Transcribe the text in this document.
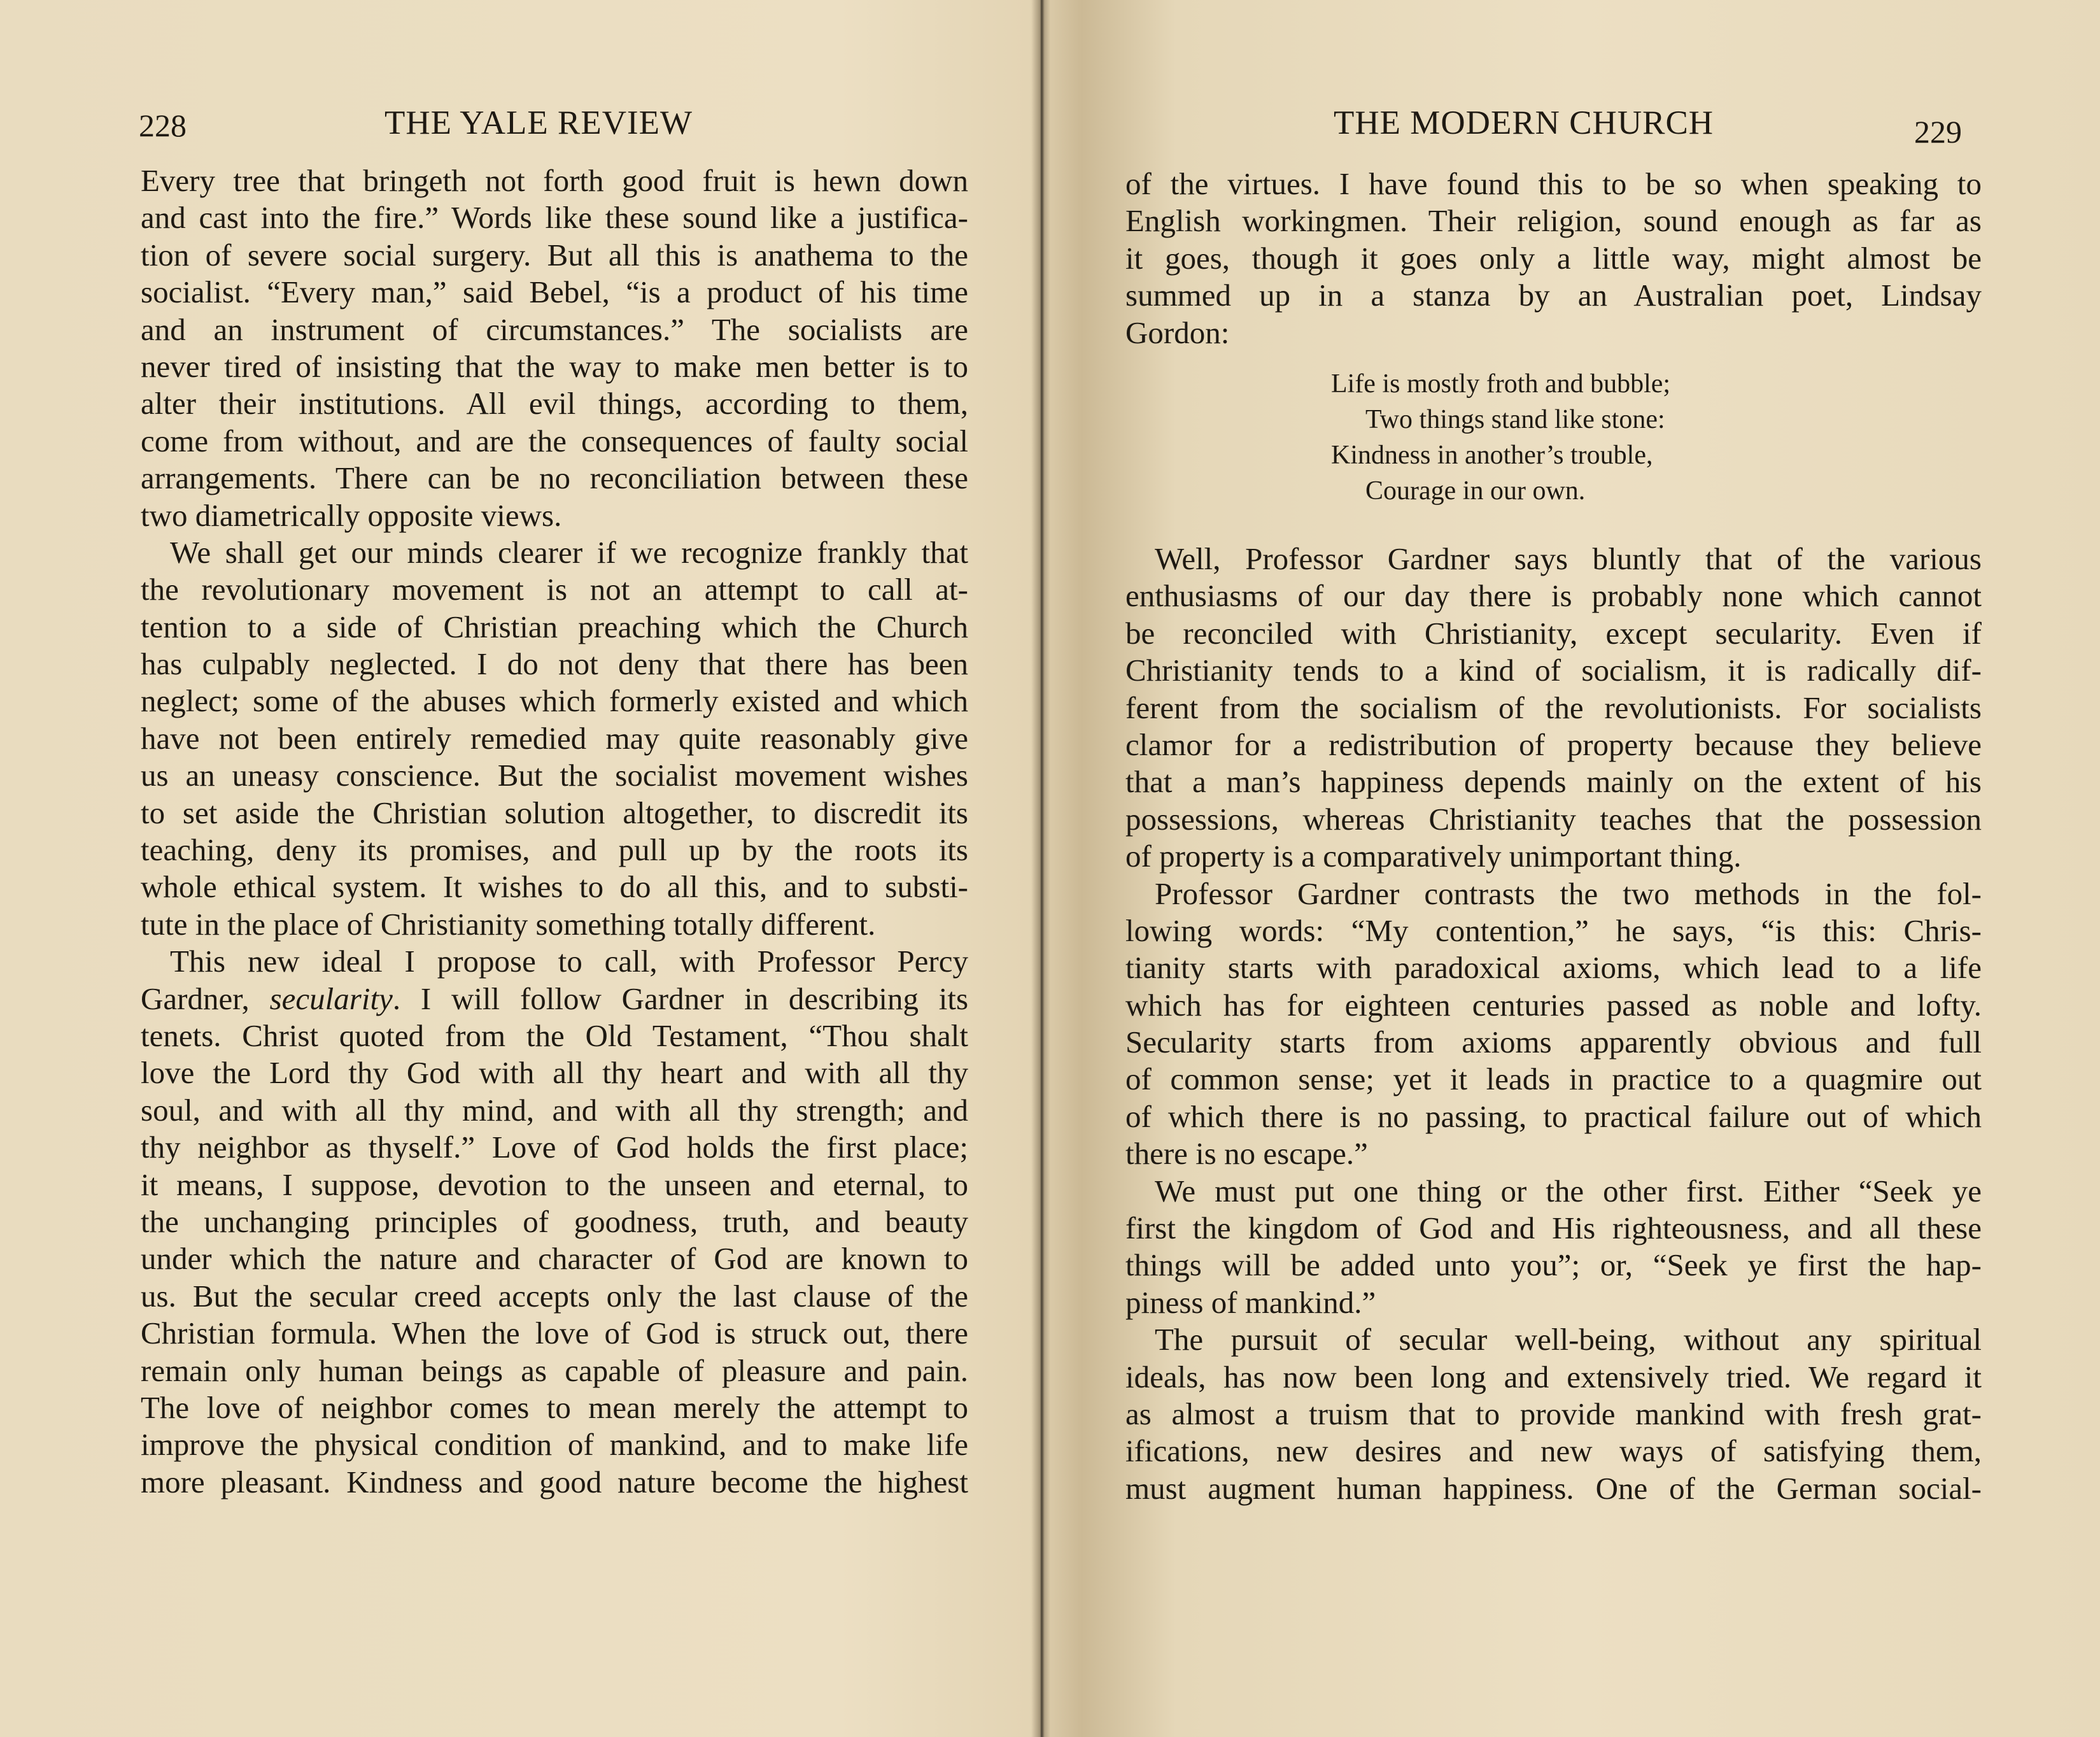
228	THE YALE REVIEW
Every tree that bringeth not forth good fruit is hewn down
and cast into the fire.” Words like these sound like a justifica-
tion of severe social surgery. But all this is anathema to the
socialist. “Every man,” said Bebel, “is a product of his time
and an instrument of circumstances.” The socialists are
never tired of insisting that the way to make men better is to
alter their institutions. All evil things, according to them,
come from without, and are the consequences of faulty social
arrangements. There can be no reconciliation between these
two diametrically opposite views.
We shall get our minds clearer if we recognize frankly that
the revolutionary movement is not an attempt to call at-
tention to a side of Christian preaching which the Church
has culpably neglected. I do not deny that there has been
neglect; some of the abuses which formerly existed and which
have not been entirely remedied may quite reasonably give
us an uneasy conscience. But the socialist movement wishes
to set aside the Christian solution altogether, to discredit its
teaching, deny its promises, and pull up by the roots its
whole ethical system. It wishes to do all this, and to substi-
tute in the place of Christianity something totally different.
This new ideal I propose to call, with Professor Percy
Gardner, secularity. I will follow Gardner in describing its
tenets. Christ quoted from the Old Testament, “Thou shalt
love the Lord thy God with all thy heart and with all thy
soul, and with all thy mind, and with all thy strength; and
thy neighbor as thyself.” Love of God holds the first place;
it means, I suppose, devotion to the unseen and eternal, to
the unchanging principles of goodness, truth, and beauty
under which the nature and character of God are known to
us. But the secular creed accepts only the last clause of the
Christian formula. When the love of God is struck out, there
remain only human beings as capable of pleasure and pain.
The love of neighbor comes to mean merely the attempt to
improve the physical condition of mankind, and to make life
more pleasant. Kindness and good nature become the highest
THE MODERN CHURCH	229
of the virtues. I have found this to be so when speaking to
English workingmen. Their religion, sound enough as far as
it goes, though it goes only a little way, might almost be
summed up in a stanza by an Australian poet, Lindsay
Gordon:
Life is mostly froth and bubble;
Two things stand like stone:
Kindness in another’s trouble,
Courage in our own.
Well, Professor Gardner says bluntly that of the various
enthusiasms of our day there is probably none which cannot
be reconciled with Christianity, except secularity. Even if
Christianity tends to a kind of socialism, it is radically dif-
ferent from the socialism of the revolutionists. For socialists
clamor for a redistribution of property because they believe
that a man’s happiness depends mainly on the extent of his
possessions, whereas Christianity teaches that the possession
of property is a comparatively unimportant thing.
Professor Gardner contrasts the two methods in the fol-
lowing words: “My contention,” he says, “is this: Chris-
tianity starts with paradoxical axioms, which lead to a life
which has for eighteen centuries passed as noble and lofty.
Secularity starts from axioms apparently obvious and full
of common sense; yet it leads in practice to a quagmire out
of which there is no passing, to practical failure out of which
there is no escape.”
We must put one thing or the other first. Either “Seek ye
first the kingdom of God and His righteousness, and all these
things will be added unto you”; or, “Seek ye first the hap-
piness of mankind.”
The pursuit of secular well-being, without any spiritual
ideals, has now been long and extensively tried. We regard it
as almost a truism that to provide mankind with fresh grat-
ifications, new desires and new ways of satisfying them,
must augment human happiness. One of the German social-
